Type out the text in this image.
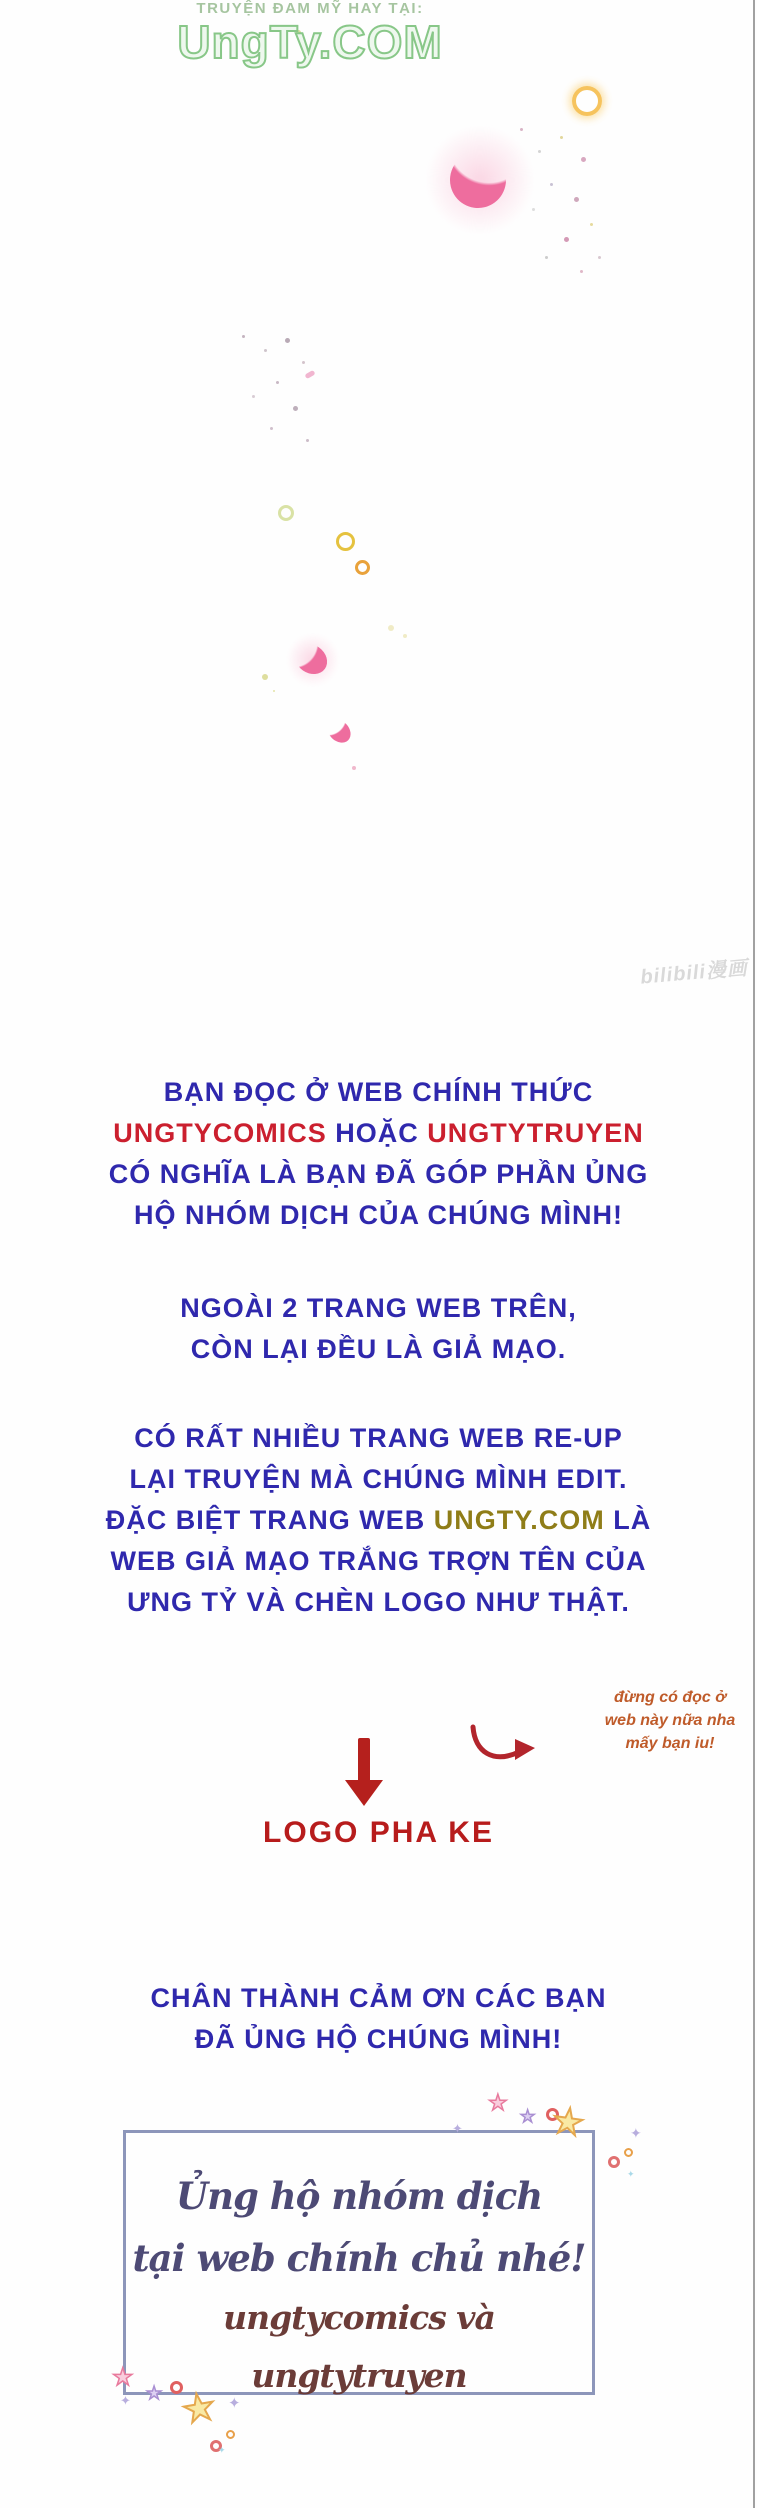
bilibili漫画
BẠN ĐỌC Ở WEB CHÍNH THỨC
UNGTYCOMICS HOẶC UNGTYTRUYEN
CÓ NGHĨA LÀ BẠN ĐÃ GÓP PHẦN ỦNG
HỘ NHÓM DỊCH CỦA CHÚNG MÌNH!
NGOÀI 2 TRANG WEB TRÊN,
CÒN LẠI ĐỀU LÀ GIẢ MẠO.
CÓ RẤT NHIỀU TRANG WEB RE-UP
LẠI TRUYỆN MÀ CHÚNG MÌNH EDIT.
ĐẶC BIỆT TRANG WEB UNGTY.COM LÀ
WEB GIẢ MẠO TRẮNG TRỢN TÊN CỦA
ƯNG TỶ VÀ CHÈN LOGO NHƯ THẬT.
TRUYỆN ĐAM MỸ HAY TẠI:
UngTy.COM
đừng có đọc ở
web này nữa nha
mấy bạn iu!
LOGO PHA KE
CHÂN THÀNH CẢM ƠN CÁC BẠN
ĐÃ ỦNG HỘ CHÚNG MÌNH!
Ủng hộ nhóm dịch
tại web chính chủ nhé!
ungtycomics và ungtytruyen
★
★
✦ ★	✦
✦
★
★
✦ ★ ✦
✦
